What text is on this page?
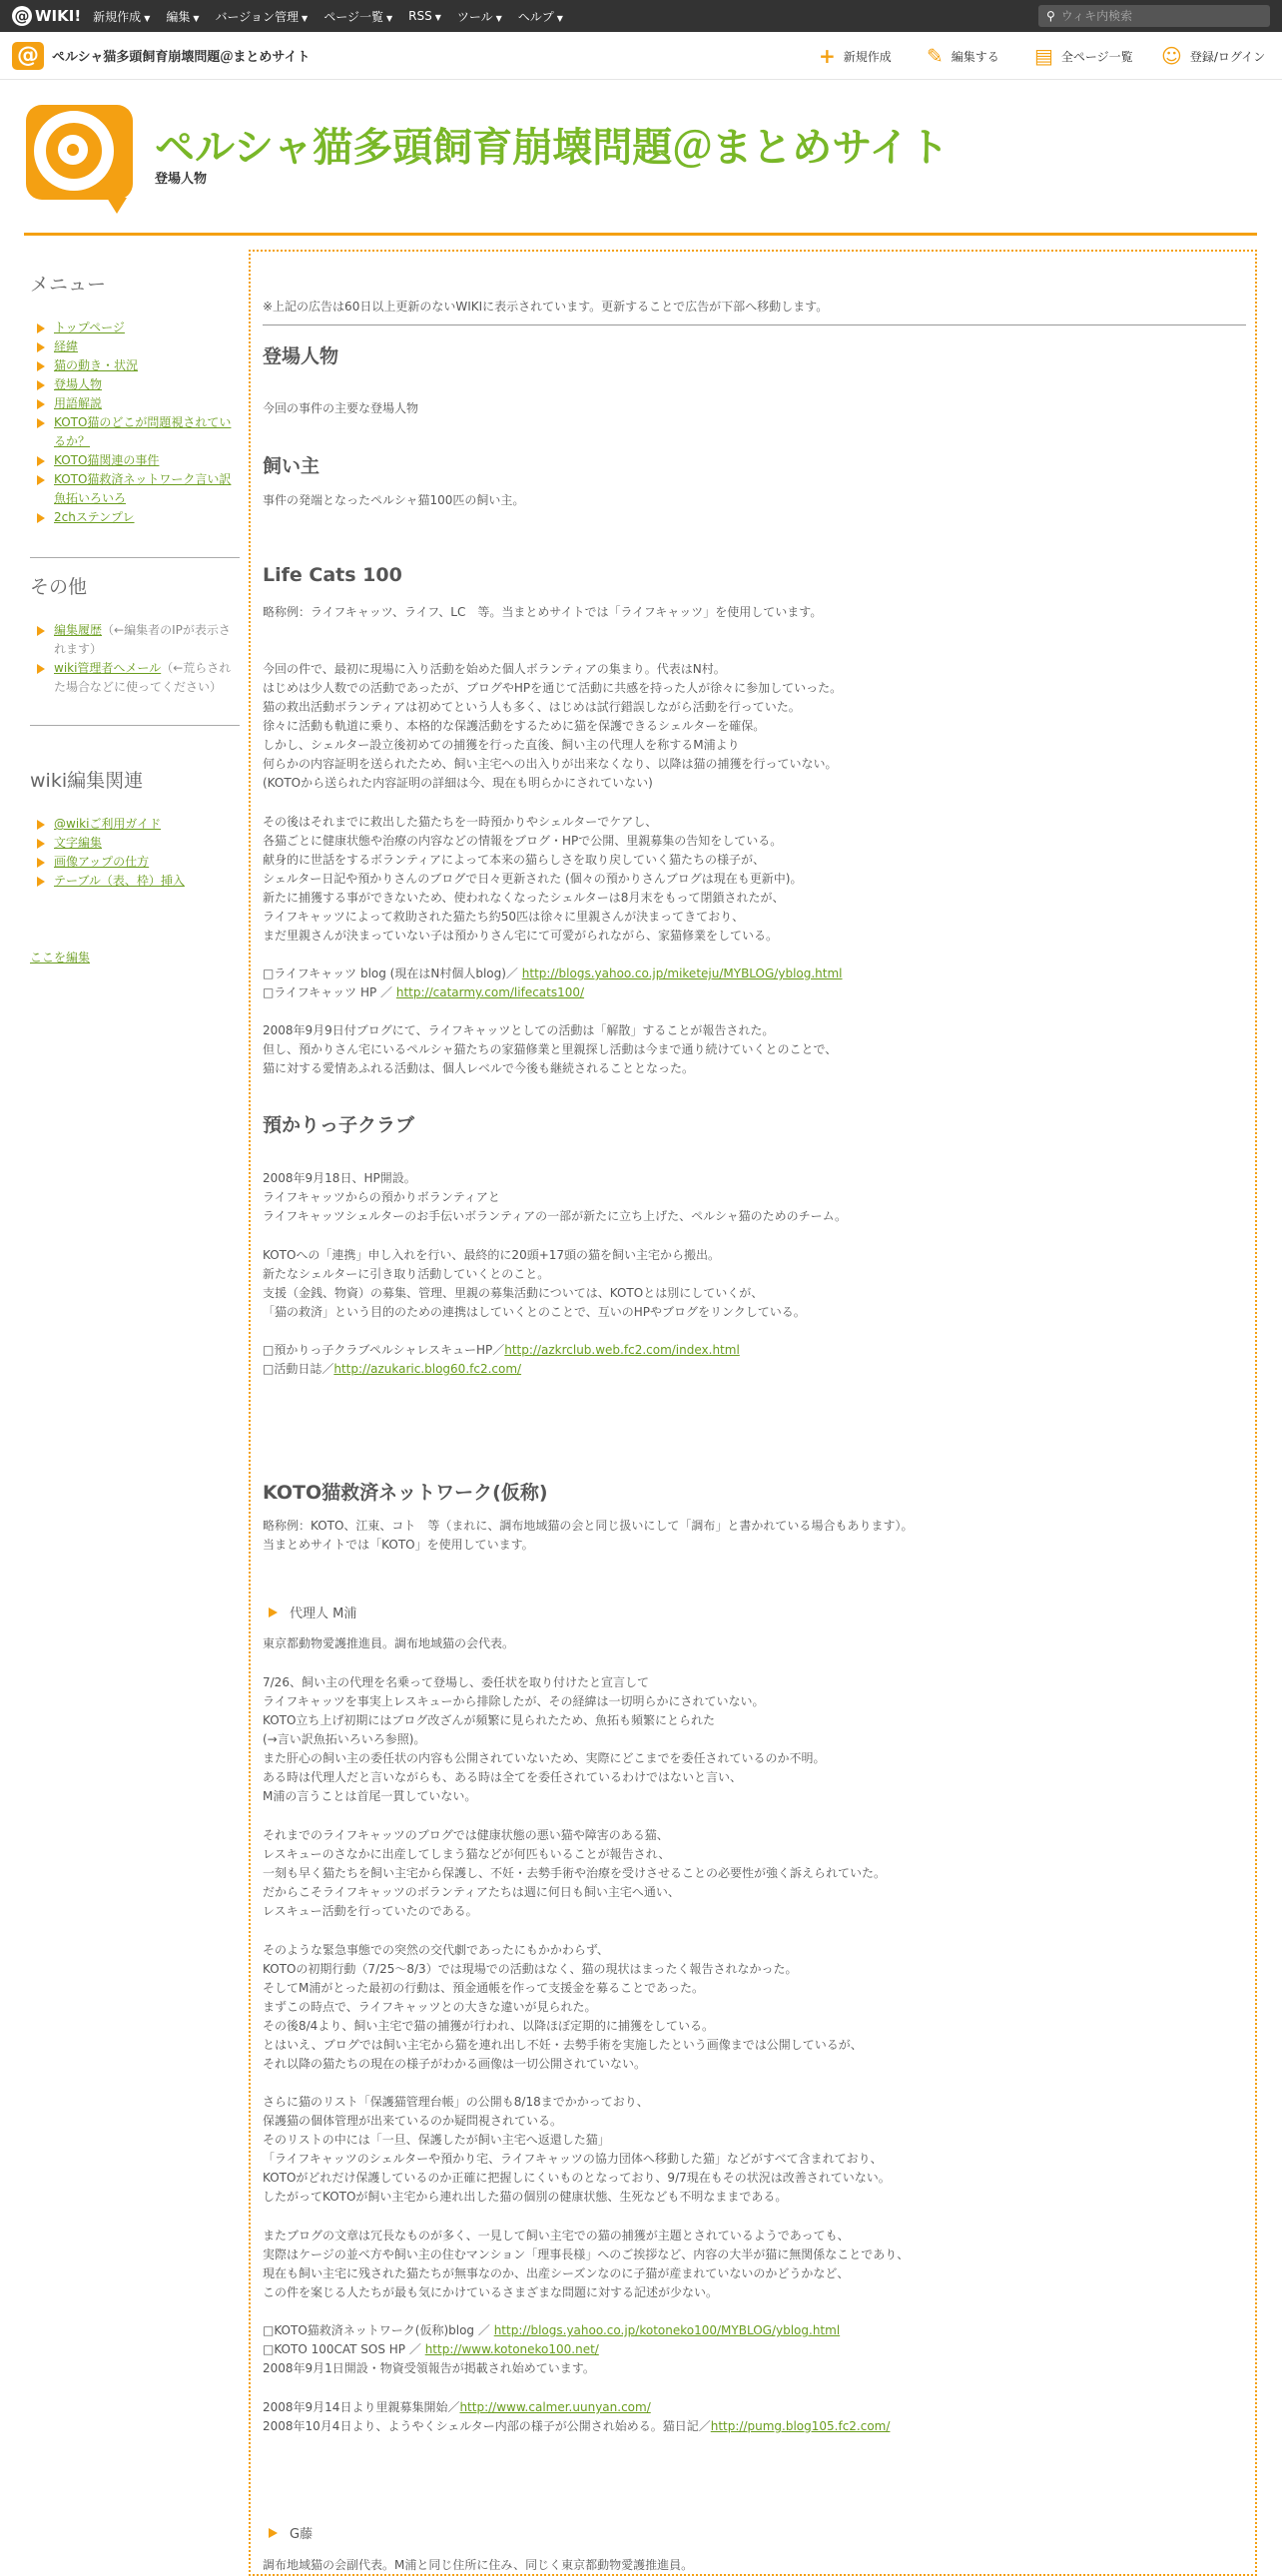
@ WIKI! 新規作成 ▼ 編集 ▼ バージョン管理 ▼ ページ一覧 ▼ RSS ▼ ツール ▼ ヘルプ ▼	⚲
ウィキ内検索
@	ペルシャ猫多頭飼育崩壊問題＠まとめサイト	+ 新規作成 ✎ 編集する ▤ 全ページ一覧 ☺ 登録/ログイン
ペルシャ猫多頭飼育崩壊問題＠まとめサイト
登場人物
メニュー
トップページ
経緯
猫の動き・状況
登場人物
用語解説
KOTO猫のどこが問題視されているか？
KOTO猫関連の事件
KOTO猫救済ネットワーク言い訳魚拓いろいろ
2chステンプレ
その他
編集履歴（←編集者のIPが表示されます）
wiki管理者へメール（←荒らされた場合などに使ってください）
wiki編集関連
@wikiご利用ガイド
文字編集
画像アップの仕方
テーブル（表、枠）挿入
ここを編集
※上記の広告は60日以上更新のないWIKIに表示されています。更新することで広告が下部へ移動します。
登場人物
今回の事件の主要な登場人物
飼い主
事件の発端となったペルシャ猫100匹の飼い主。
Life Cats 100
略称例：ライフキャッツ、ライフ、LC　等。当まとめサイトでは「ライフキャッツ」を使用しています。
今回の件で、最初に現場に入り活動を始めた個人ボランティアの集まり。代表はN村。
はじめは少人数での活動であったが、ブログやHPを通じて活動に共感を持った人が徐々に参加していった。
猫の救出活動ボランティアは初めてという人も多く、はじめは試行錯誤しながら活動を行っていた。
徐々に活動も軌道に乗り、本格的な保護活動をするために猫を保護できるシェルターを確保。
しかし、シェルター設立後初めての捕獲を行った直後、飼い主の代理人を称するM浦より
何らかの内容証明を送られたため、飼い主宅への出入りが出来なくなり、以降は猫の捕獲を行っていない。
(KOTOから送られた内容証明の詳細は今、現在も明らかにされていない)
その後はそれまでに救出した猫たちを一時預かりやシェルターでケアし、
各猫ごとに健康状態や治療の内容などの情報をブログ・HPで公開、里親募集の告知をしている。
献身的に世話をするボランティアによって本来の猫らしさを取り戻していく猫たちの様子が、
シェルター日記や預かりさんのブログで日々更新された (個々の預かりさんブログは現在も更新中)。
新たに捕獲する事ができないため、使われなくなったシェルターは8月末をもって閉鎖されたが、
ライフキャッツによって救助された猫たち約50匹は徐々に里親さんが決まってきており、
まだ里親さんが決まっていない子は預かりさん宅にて可愛がられながら、家猫修業をしている。
□ライフキャッツ blog (現在はN村個人blog)／ http://blogs.yahoo.co.jp/miketeju/MYBLOG/yblog.html
□ライフキャッツ HP ／ http://catarmy.com/lifecats100/
2008年9月9日付ブログにて、ライフキャッツとしての活動は「解散」することが報告された。
但し、預かりさん宅にいるペルシャ猫たちの家猫修業と里親探し活動は今まで通り続けていくとのことで、
猫に対する愛情あふれる活動は、個人レベルで今後も継続されることとなった。
預かりっ子クラブ
2008年9月18日、HP開設。
ライフキャッツからの預かりボランティアと
ライフキャッツシェルターのお手伝いボランティアの一部が新たに立ち上げた、ペルシャ猫のためのチーム。
KOTOへの「連携」申し入れを行い、最終的に20頭+17頭の猫を飼い主宅から搬出。
新たなシェルターに引き取り活動していくとのこと。
支援（金銭、物資）の募集、管理、里親の募集活動については、KOTOとは別にしていくが、
「猫の救済」という目的のための連携はしていくとのことで、互いのHPやブログをリンクしている。
□預かりっ子クラブペルシャレスキューHP／http://azkrclub.web.fc2.com/index.html
□活動日誌／http://azukaric.blog60.fc2.com/
KOTO猫救済ネットワーク(仮称)
略称例：KOTO、江東、コト　等（まれに、調布地域猫の会と同じ扱いにして「調布」と書かれている場合もあります）。
当まとめサイトでは「KOTO」を使用しています。
代理人 M浦
東京都動物愛護推進員。調布地域猫の会代表。
7/26、飼い主の代理を名乗って登場し、委任状を取り付けたと宣言して
ライフキャッツを事実上レスキューから排除したが、その経緯は一切明らかにされていない。
KOTO立ち上げ初期にはブログ改ざんが頻繁に見られたため、魚拓も頻繁にとられた
(→言い訳魚拓いろいろ参照)。
また肝心の飼い主の委任状の内容も公開されていないため、実際にどこまでを委任されているのか不明。
ある時は代理人だと言いながらも、ある時は全てを委任されているわけではないと言い、
M浦の言うことは首尾一貫していない。
それまでのライフキャッツのブログでは健康状態の悪い猫や障害のある猫、
レスキューのさなかに出産してしまう猫などが何匹もいることが報告され、
一刻も早く猫たちを飼い主宅から保護し、不妊・去勢手術や治療を受けさせることの必要性が強く訴えられていた。
だからこそライフキャッツのボランティアたちは週に何日も飼い主宅へ通い、
レスキュー活動を行っていたのである。
そのような緊急事態での突然の交代劇であったにもかかわらず、
KOTOの初期行動（7/25～8/3）では現場での活動はなく、猫の現状はまったく報告されなかった。
そしてM浦がとった最初の行動は、預金通帳を作って支援金を募ることであった。
まずこの時点で、ライフキャッツとの大きな違いが見られた。
その後8/4より、飼い主宅で猫の捕獲が行われ、以降ほぼ定期的に捕獲をしている。
とはいえ、ブログでは飼い主宅から猫を連れ出し不妊・去勢手術を実施したという画像までは公開しているが、
それ以降の猫たちの現在の様子がわかる画像は一切公開されていない。
さらに猫のリスト「保護猫管理台帳」の公開も8/18までかかっており、
保護猫の個体管理が出来ているのか疑問視されている。
そのリストの中には「一旦、保護したが飼い主宅へ返還した猫」
「ライフキャッツのシェルターや預かり宅、ライフキャッツの協力団体へ移動した猫」などがすべて含まれており、
KOTOがどれだけ保護しているのか正確に把握しにくいものとなっており、9/7現在もその状況は改善されていない。
したがってKOTOが飼い主宅から連れ出した猫の個別の健康状態、生死なども不明なままである。
またブログの文章は冗長なものが多く、一見して飼い主宅での猫の捕獲が主題とされているようであっても、
実際はケージの並べ方や飼い主の住むマンション「理事長様」へのご挨拶など、内容の大半が猫に無関係なことであり、
現在も飼い主宅に残された猫たちが無事なのか、出産シーズンなのに子猫が産まれていないのかどうかなど、
この件を案じる人たちが最も気にかけているさまざまな問題に対する記述が少ない。
□KOTO猫救済ネットワーク(仮称)blog ／ http://blogs.yahoo.co.jp/kotoneko100/MYBLOG/yblog.html
□KOTO 100CAT SOS HP ／ http://www.kotoneko100.net/
2008年9月1日開設・物資受領報告が掲載され始めています。
2008年9月14日より里親募集開始／http://www.calmer.uunyan.com/
2008年10月4日より、ようやくシェルター内部の様子が公開され始める。猫日記／http://pumg.blog105.fc2.com/
G藤
調布地域猫の会副代表。M浦と同じ住所に住み、同じく東京都動物愛護推進員。
